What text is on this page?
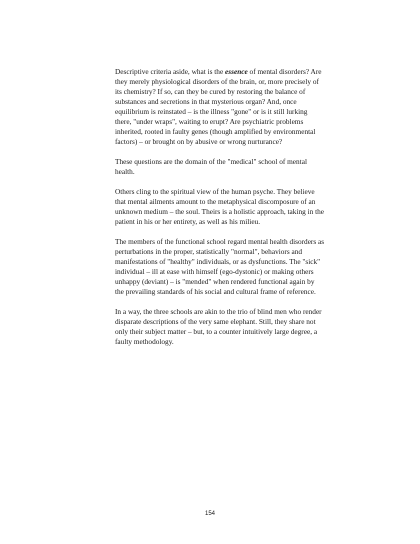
Descriptive criteria aside, what is the essence of mental disorders? Are they merely physiological disorders of the brain, or, more precisely of its chemistry? If so, can they be cured by restoring the balance of substances and secretions in that mysterious organ? And, once equilibrium is reinstated – is the illness "gone" or is it still lurking there, "under wraps", waiting to erupt? Are psychiatric problems inherited, rooted in faulty genes (though amplified by environmental factors) – or brought on by abusive or wrong nurturance?

These questions are the domain of the "medical" school of mental health.

Others cling to the spiritual view of the human psyche. They believe that mental ailments amount to the metaphysical discomposure of an unknown medium – the soul. Theirs is a holistic approach, taking in the patient in his or her entirety, as well as his milieu.

The members of the functional school regard mental health disorders as perturbations in the proper, statistically "normal", behaviors and manifestations of "healthy" individuals, or as dysfunctions. The "sick" individual – ill at ease with himself (ego-dystonic) or making others unhappy (deviant) – is "mended" when rendered functional again by the prevailing standards of his social and cultural frame of reference.

In a way, the three schools are akin to the trio of blind men who render disparate descriptions of the very same elephant. Still, they share not only their subject matter – but, to a counter intuitively large degree, a faulty methodology.

154
